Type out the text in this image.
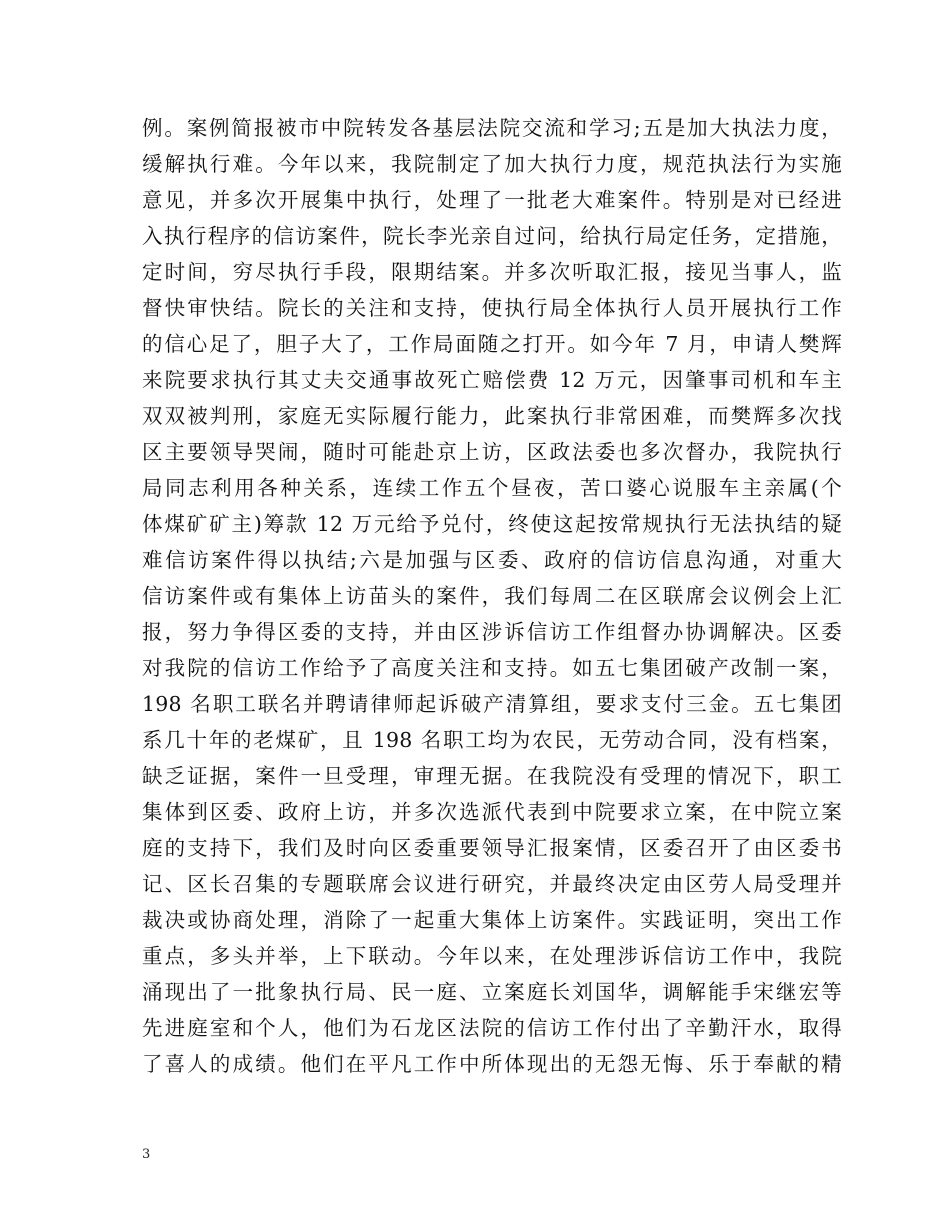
例。案例简报被市中院转发各基层法院交流和学习;五是加大执法力度，
缓解执行难。今年以来，我院制定了加大执行力度，规范执法行为实施
意见，并多次开展集中执行，处理了一批老大难案件。特别是对已经进
入执行程序的信访案件，院长李光亲自过问，给执行局定任务，定措施，
定时间，穷尽执行手段，限期结案。并多次听取汇报，接见当事人，监
督快审快结。院长的关注和支持，使执行局全体执行人员开展执行工作
的信心足了，胆子大了，工作局面随之打开。如今年 7 月，申请人樊辉
来院要求执行其丈夫交通事故死亡赔偿费 12 万元，因肇事司机和车主
双双被判刑，家庭无实际履行能力，此案执行非常困难，而樊辉多次找
区主要领导哭闹，随时可能赴京上访，区政法委也多次督办，我院执行
局同志利用各种关系，连续工作五个昼夜，苦口婆心说服车主亲属(个
体煤矿矿主)筹款 12 万元给予兑付，终使这起按常规执行无法执结的疑
难信访案件得以执结;六是加强与区委、政府的信访信息沟通，对重大
信访案件或有集体上访苗头的案件，我们每周二在区联席会议例会上汇
报，努力争得区委的支持，并由区涉诉信访工作组督办协调解决。区委
对我院的信访工作给予了高度关注和支持。如五七集团破产改制一案，
198 名职工联名并聘请律师起诉破产清算组，要求支付三金。五七集团
系几十年的老煤矿，且 198 名职工均为农民，无劳动合同，没有档案，
缺乏证据，案件一旦受理，审理无据。在我院没有受理的情况下，职工
集体到区委、政府上访，并多次选派代表到中院要求立案，在中院立案
庭的支持下，我们及时向区委重要领导汇报案情，区委召开了由区委书
记、区长召集的专题联席会议进行研究，并最终决定由区劳人局受理并
裁决或协商处理，消除了一起重大集体上访案件。实践证明，突出工作
重点，多头并举，上下联动。今年以来，在处理涉诉信访工作中，我院
涌现出了一批象执行局、民一庭、立案庭长刘国华，调解能手宋继宏等
先进庭室和个人，他们为石龙区法院的信访工作付出了辛勤汗水，取得
了喜人的成绩。他们在平凡工作中所体现出的无怨无悔、乐于奉献的精
3
